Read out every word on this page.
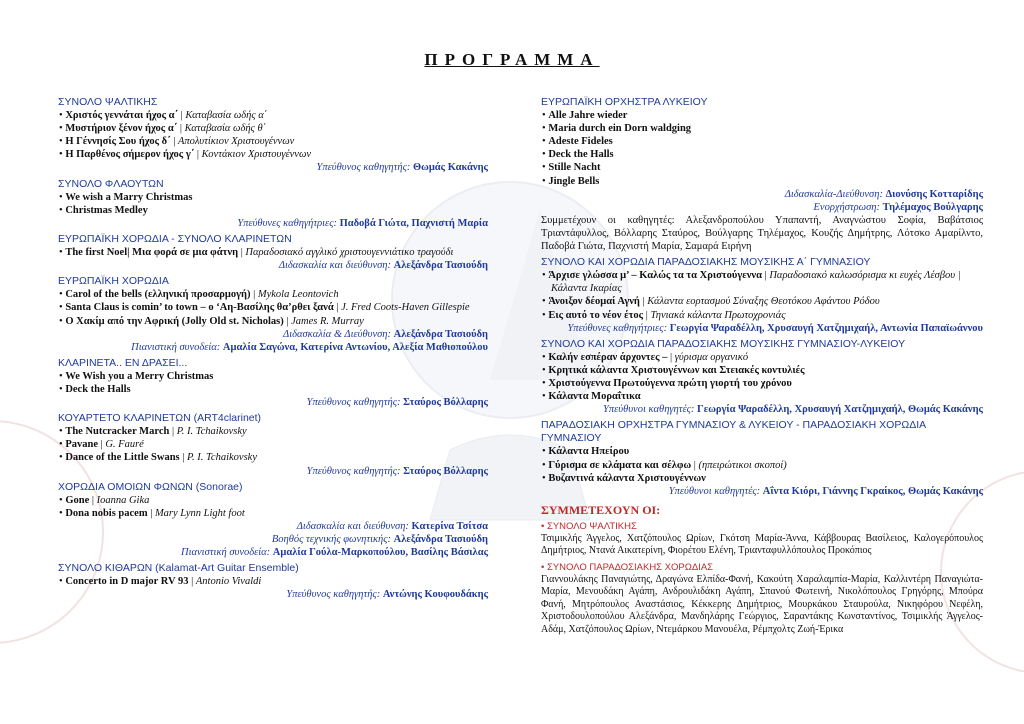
ΠΡΟΓΡΑΜΜΑ
ΣΥΝΟΛΟ ΨΑΛΤΙΚΗΣ
• Χριστός γεννάται ήχος α΄ | Καταβασία ωδής α΄
• Μυστήριον ξένον ήχος α΄ | Καταβασία ωδής θ΄
• Η Γέννησίς Σου ήχος δ΄ | Απολυτίκιον Χριστουγέννων
• Η Παρθένος σήμερον ήχος γ΄ | Κοντάκιον Χριστουγέννων
Υπεύθυνος καθηγητής: Θωμάς Κακάνης
ΣΥΝΟΛΟ ΦΛΑΟΥΤΩΝ
• We wish a Marry Christmas
• Christmas Medley
Υπεύθυνες καθηγήτριες: Παδοβά Γιώτα, Παχνιστή Μαρία
ΕΥΡΩΠΑΪΚΗ ΧΟΡΩΔΙΑ - ΣΥΝΟΛΟ ΚΛΑΡΙΝΕΤΩΝ
• The first Noel| Μια φορά σε μια φάτνη | Παραδοσιακό αγγλικό χριστουγεννιάτικο τραγούδι
Διδασκαλία και διεύθυνση: Αλεξάνδρα Τασιούδη
ΕΥΡΩΠΑΪΚΗ ΧΟΡΩΔΙΑ
• Carol of the bells (ελληνική προσαρμογή) | Mykola Leontovich
• Santa Claus is comin’ to town – ο ‘Αη-Βασίλης θα’ρθει ξανά | J. Fred Coots-Haven Gillespie
• Ο Χακίμ από την Αφρική (Jolly Old st. Nicholas) | James R. Murray
Διδασκαλία & Διεύθυνση: Αλεξάνδρα Τασιούδη
Πιανιστική συνοδεία: Αμαλία Σαγώνα, Κατερίνα Αντωνίου, Αλεξία Μαθιοπούλου
ΚΛΑΡΙΝΕΤΑ.. ΕΝ ΔΡΑΣΕΙ...
• We Wish you a Merry Christmas
• Deck the Halls
Υπεύθυνος καθηγητής: Σταύρος Βόλλαρης
ΚΟΥΑΡΤΕΤΟ ΚΛΑΡΙΝΕΤΩΝ (ART4clarinet)
• The Nutcracker March | P. I. Tchaikovsky
• Pavane | G. Fauré
• Dance of the Little Swans | P. I. Tchaikovsky
Υπεύθυνος καθηγητής: Σταύρος Βόλλαρης
ΧΟΡΩΔΙΑ ΟΜΟΙΩΝ ΦΩΝΩΝ (Sonorae)
• Gone | Ioanna Gika
• Dona nobis pacem | Mary Lynn Light foot
Διδασκαλία και διεύθυνση: Κατερίνα Τσίτσα
Βοηθός τεχνικής φωνητικής: Αλεξάνδρα Τασιούδη
Πιανιστική συνοδεία: Αμαλία Γούλα-Μαρκοπούλου, Βασίλης Βάσιλας
ΣΥΝΟΛΟ ΚΙΘΑΡΩΝ (Kalamat-Art Guitar Ensemble)
• Concerto in D major RV 93 | Antonio Vivaldi
Υπεύθυνος καθηγητής: Αντώνης Κουφουδάκης
ΕΥΡΩΠΑΪΚΗ ΟΡΧΗΣΤΡΑ ΛΥΚΕΙΟΥ
• Alle Jahre wieder
• Maria durch ein Dorn waldging
• Adeste Fideles
• Deck the Halls
• Stille Nacht
• Jingle Bells
Διδασκαλία-Διεύθυνση: Διονύσης Κοτταρίδης
Ενορχήστρωση: Τηλέμαχος Βούλγαρης
Συμμετέχουν οι καθηγητές: Αλεξανδροπούλου Υπαπαντή, Αναγνώστου Σοφία, Βαβάτσιος Τριαντάφυλλος, Βόλλαρης Σταύρος, Βούλγαρης Τηλέμαχος, Κουζής Δημήτρης, Λότσκο Αμαρίλντο, Παδοβά Γιώτα, Παχνιστή Μαρία, Σαμαρά Ειρήνη
ΣΥΝΟΛΟ ΚΑΙ ΧΟΡΩΔΙΑ ΠΑΡΑΔΟΣΙΑΚΗΣ ΜΟΥΣΙΚΗΣ Α΄ ΓΥΜΝΑΣΙΟΥ
• Άρχισε γλώσσα μ’ – Καλώς τα τα Χριστούγεννα | Παραδοσιακό καλωσόρισμα κι ευχές Λέσβου | Κάλαντα Ικαρίας
• Άνοιξον δέομαί Αγνή | Κάλαντα εορτασμού Σύναξης Θεοτόκου Αφάντου Ρόδου
• Εις αυτό το νέον έτος | Τηνιακά κάλαντα Πρωτοχρονιάς
Υπεύθυνες καθηγήτριες: Γεωργία Ψαραδέλλη, Χρυσαυγή Χατζημιχαήλ, Αντωνία Παπαϊωάννου
ΣΥΝΟΛΟ ΚΑΙ ΧΟΡΩΔΙΑ ΠΑΡΑΔΟΣΙΑΚΗΣ ΜΟΥΣΙΚΗΣ ΓΥΜΝΑΣΙΟΥ-ΛΥΚΕΙΟΥ
• Καλήν εσπέραν άρχοντες – | γύρισμα οργανικό
• Κρητικά κάλαντα Χριστουγέννων και Στειακές κοντυλιές
• Χριστούγεννα Πρωτούγεννα πρώτη γιορτή του χρόνου
• Κάλαντα Μοραΐτικα
Υπεύθυνοι καθηγητές: Γεωργία Ψαραδέλλη, Χρυσαυγή Χατζημιχαήλ, Θωμάς Κακάνης
ΠΑΡΑΔΟΣΙΑΚΗ ΟΡΧΗΣΤΡΑ ΓΥΜΝΑΣΙΟΥ & ΛΥΚΕΙΟΥ - ΠΑΡΑΔΟΣΙΑΚΗ ΧΟΡΩΔΙΑ ΓΥΜΝΑΣΙΟΥ
• Κάλαντα Ηπείρου
• Γύρισμα σε κλάματα και σέλφω | (ηπειρώτικοι σκοποί)
• Βυζαντινά κάλαντα Χριστουγέννων
Υπεύθυνοι καθηγητές: Αΐντα Κιόρι, Γιάννης Γκραίκος, Θωμάς Κακάνης
ΣΥΜΜΕΤΕΧΟΥΝ ΟΙ:
• ΣΥΝΟΛΟ ΨΑΛΤΙΚΗΣ
Τσιμικλής Άγγελος, Χατζόπουλος Ωρίων, Γκότση Μαρία-Άννα, Κάββουρας Βασίλειος, Καλογερόπουλος Δημήτριος, Ντανά Αικατερίνη, Φιορέτου Ελένη, Τριανταφυλλόπουλος Προκόπιος
• ΣΥΝΟΛΟ ΠΑΡΑΔΟΣΙΑΚΗΣ ΧΟΡΩΔΙΑΣ
Γιαννουλάκης Παναγιώτης, Δραγώνα Ελπίδα-Φανή, Κακούτη Χαραλαμπία-Μαρία, Καλλιντέρη Παναγιώτα-Μαρία, Μενουδάκη Αγάπη, Ανδρουλιδάκη Αγάπη, Σπανού Φωτεινή, Νικολόπουλος Γρηγόρης, Μπούρα Φανή, Μητρόπουλος Αναστάσιος, Κέκκερης Δημήτριος, Μουρκάκου Σταυρούλα, Νικηφόρου Νεφέλη, Χριστοδουλοπούλου Αλεξάνδρα, Μανδηλάρης Γεώργιος, Σαραντάκης Κωνσταντίνος, Τσιμικλής Άγγελος-Αδάμ, Χατζόπουλος Ωρίων, Ντεμάρκου Μανουέλα, Ρέμπχολτς Ζωή-Έρικα
